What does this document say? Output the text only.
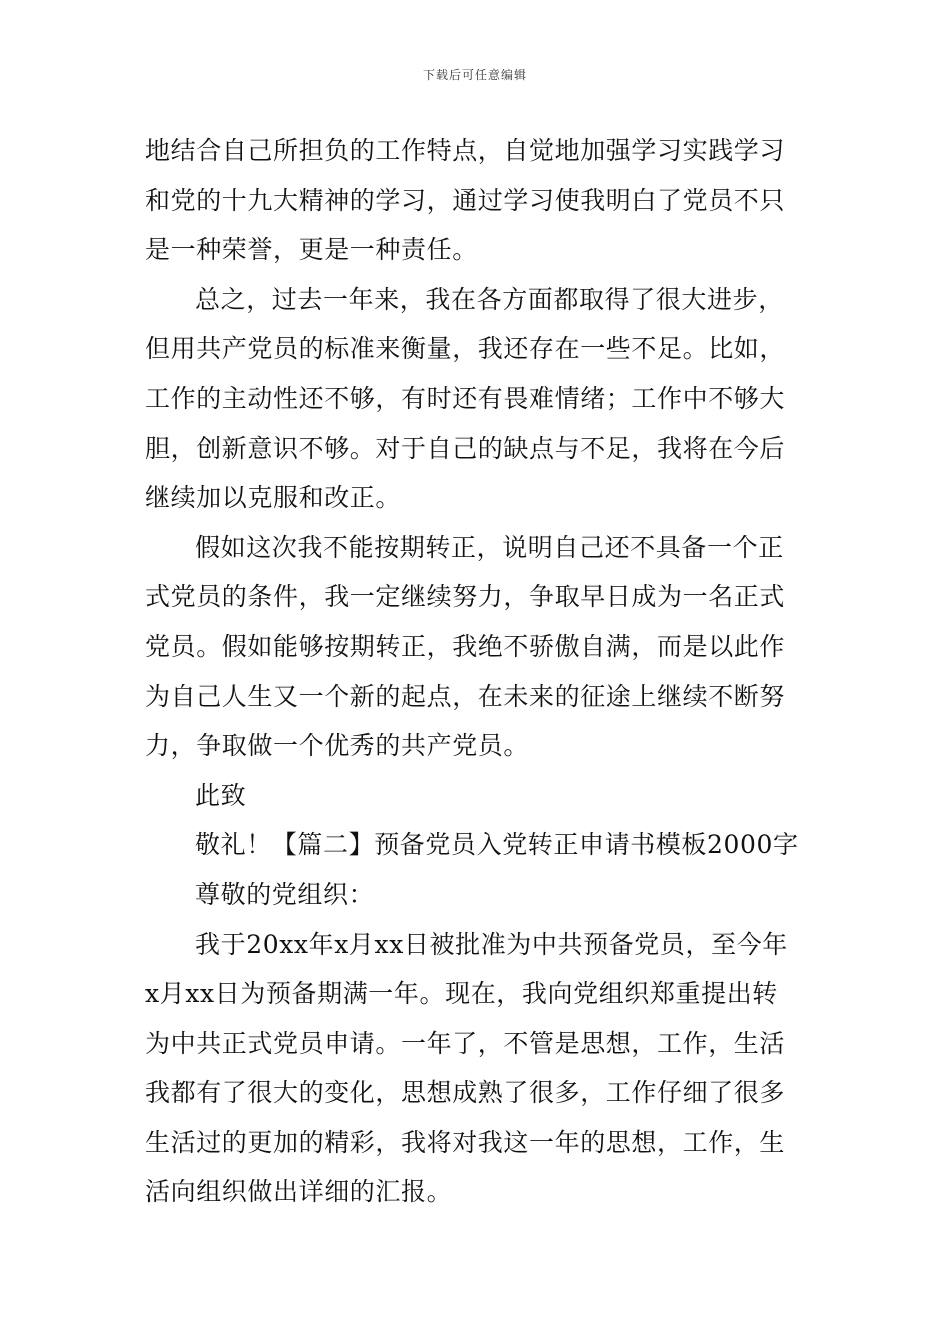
下载后可任意编辑
地结合自己所担负的工作特点，自觉地加强学习实践学习
和党的十九大精神的学习，通过学习使我明白了党员不只
是一种荣誉，更是一种责任。
总之，过去一年来，我在各方面都取得了很大进步，
但用共产党员的标准来衡量，我还存在一些不足。比如，
工作的主动性还不够，有时还有畏难情绪；工作中不够大
胆，创新意识不够。对于自己的缺点与不足，我将在今后
继续加以克服和改正。
假如这次我不能按期转正，说明自己还不具备一个正
式党员的条件，我一定继续努力，争取早日成为一名正式
党员。假如能够按期转正，我绝不骄傲自满，而是以此作
为自己人生又一个新的起点，在未来的征途上继续不断努
力，争取做一个优秀的共产党员。
此致
敬礼！【篇二】预备党员入党转正申请书模板2000字
尊敬的党组织：
我于20xx年x月xx日被批准为中共预备党员，至今年
x月xx日为预备期满一年。现在，我向党组织郑重提出转
为中共正式党员申请。一年了，不管是思想，工作，生活
我都有了很大的变化，思想成熟了很多，工作仔细了很多
生活过的更加的精彩，我将对我这一年的思想，工作，生
活向组织做出详细的汇报。
